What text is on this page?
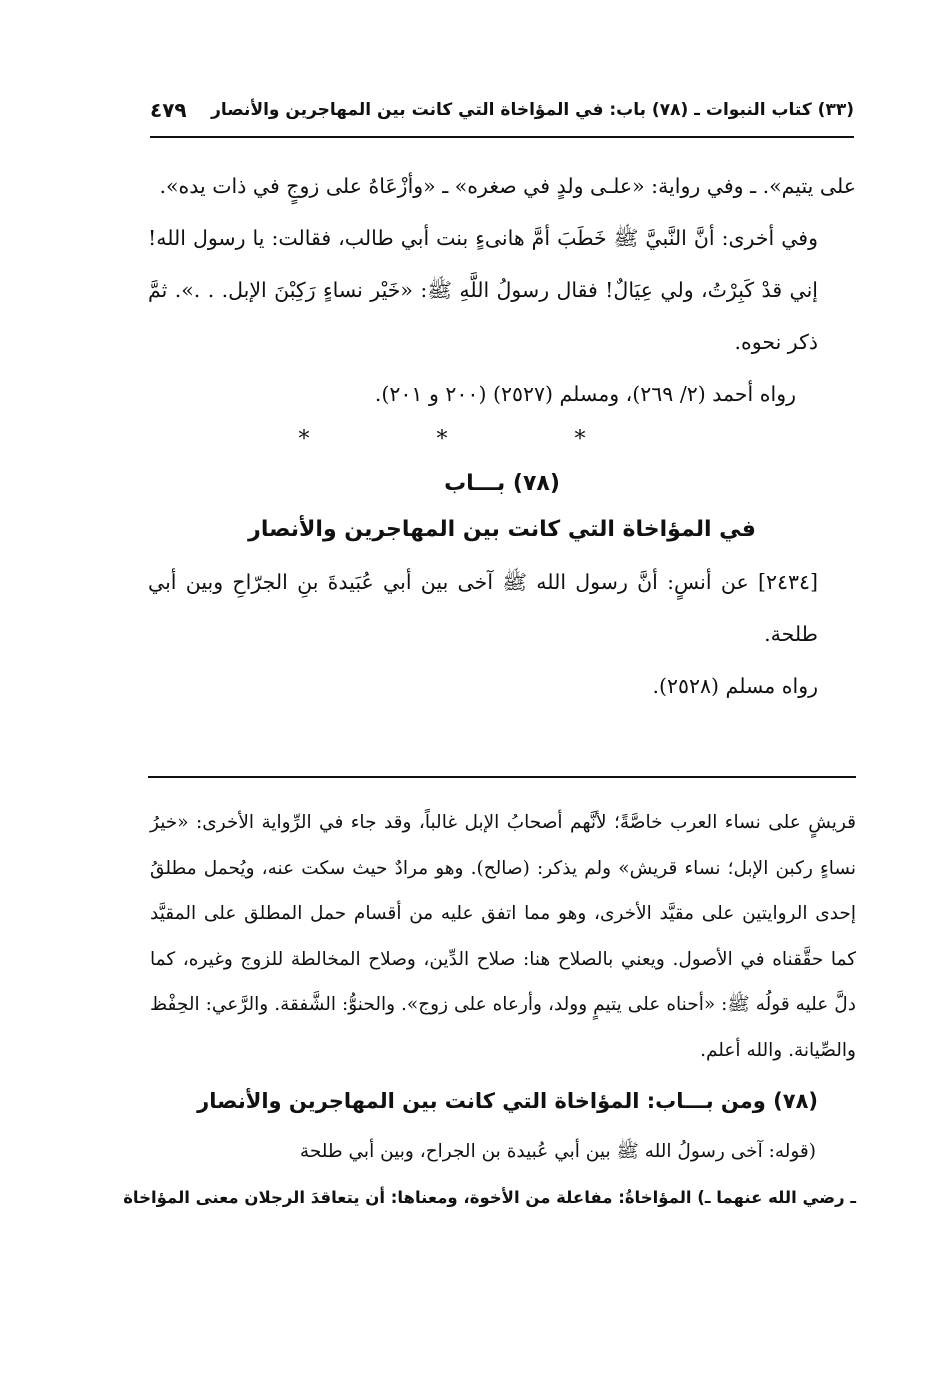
(٣٣) كتاب النبوات ـ (٧٨) باب: في المؤاخاة التي كانت بين المهاجرين والأنصار
٤٧٩

على يتيم». ـ وفي رواية: «علـى ولدٍ في صغره» ـ «وأزْعَاهُ على زوجٍ في ذات يده».

وفي أخرى: أنَّ النَّبيَّ ﷺ خَطَبَ أمَّ هانىءٍ بنت أبي طالب، فقالت: يا رسول الله! إني قدْ كَبِرْتُ، ولي عِيَالٌ! فقال رسولُ اللَّهِ ﷺ: «خَيْر نساءٍ رَكِبْنَ الإبل. . .». ثمَّ ذكر نحوه.

رواه أحمد (٢/ ٢٦٩)، ومسلم (٢٥٢٧) (٢٠٠ و ٢٠١).

* * *

(٧٨) بـــاب

في المؤاخاة التي كانت بين المهاجرين والأنصار

[٢٤٣٤] عن أنسٍ: أنَّ رسول الله ﷺ آخى بين أبي عُبَيدةَ بنِ الجرّاحِ وبين أبي طلحة.

رواه مسلم (٢٥٢٨).

قريشٍ على نساء العرب خاصَّةً؛ لأنَّهم أصحابُ الإبل غالباً، وقد جاء في الرِّواية الأخرى: «خيرُ نساءٍ ركبن الإبل؛ نساء قريش» ولم يذكر: (صالح). وهو مرادٌ حيث سكت عنه، ويُحمل مطلقُ إحدى الروايتين على مقيَّد الأخرى، وهو مما اتفق عليه من أقسام حمل المطلق على المقيَّد كما حقَّقناه في الأصول. ويعني بالصلاح هنا: صلاح الدِّين، وصلاح المخالطة للزوج وغيره، كما دلَّ عليه قولُه ﷺ: «أحناه على يتيمٍ وولد، وأرعاه على زوج». والحنوُّ: الشَّفقة. والرَّعي: الحِفْظ والصِّيانة. والله أعلم.

(٧٨) ومن بـــاب: المؤاخاة التي كانت بين المهاجرين والأنصار

(قوله: آخى رسولُ الله ﷺ بين أبي عُبيدة بن الجراح، وبين أبي طلحة

ـ رضي الله عنهما ـ) المؤاخاةُ: مفاعلة من الأخوة، ومعناها: أن يتعاقدَ الرجلان معنى المؤاخاة
